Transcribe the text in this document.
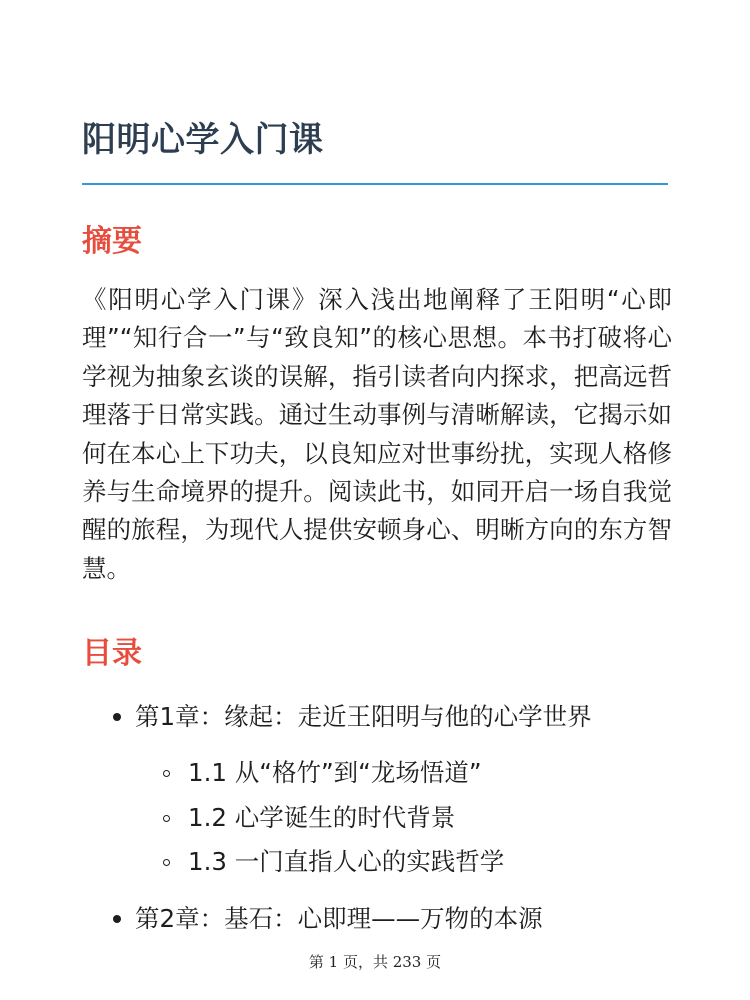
阳明心学入门课
摘要

《阳明心学入门课》深入浅出地阐释了王阳明“心即理”“知行合一”与“致良知”的核心思想。本书打破将心学视为抽象玄谈的误解，指引读者向内探求，把高远哲理落于日常实践。通过生动事例与清晰解读，它揭示如何在本心上下功夫，以良知应对世事纷扰，实现人格修养与生命境界的提升。阅读此书，如同开启一场自我觉醒的旅程，为现代人提供安顿身心、明晰方向的东方智慧。

目录
第1章：缘起：走近王阳明与他的心学世界
1.1 从“格竹”到“龙场悟道”
1.2 心学诞生的时代背景
1.3 一门直指人心的实践哲学
第2章：基石：心即理——万物的本源
第 1 页，共 233 页
